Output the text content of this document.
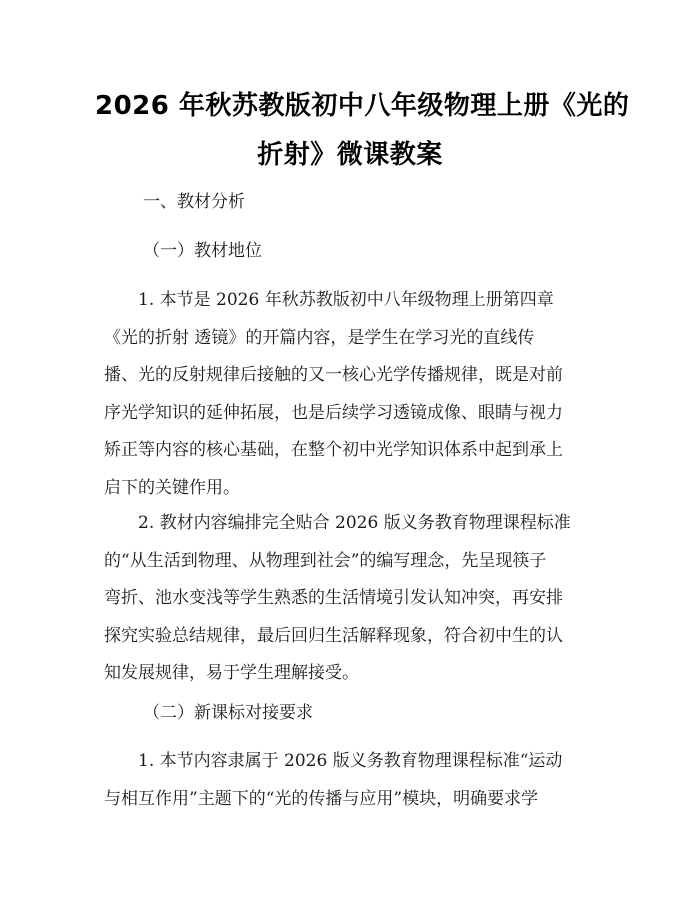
2026 年秋苏教版初中八年级物理上册《光的
折射》微课教案
一、教材分析
（一）教材地位
　　1. 本节是 2026 年秋苏教版初中八年级物理上册第四章
《光的折射 透镜》的开篇内容，是学生在学习光的直线传
播、光的反射规律后接触的又一核心光学传播规律，既是对前
序光学知识的延伸拓展，也是后续学习透镜成像、眼睛与视力
矫正等内容的核心基础，在整个初中光学知识体系中起到承上
启下的关键作用。
　　2. 教材内容编排完全贴合 2026 版义务教育物理课程标准
的“从生活到物理、从物理到社会”的编写理念，先呈现筷子
弯折、池水变浅等学生熟悉的生活情境引发认知冲突，再安排
探究实验总结规律，最后回归生活解释现象，符合初中生的认
知发展规律，易于学生理解接受。
（二）新课标对接要求
　　1. 本节内容隶属于 2026 版义务教育物理课程标准“运动
与相互作用”主题下的“光的传播与应用”模块，明确要求学
